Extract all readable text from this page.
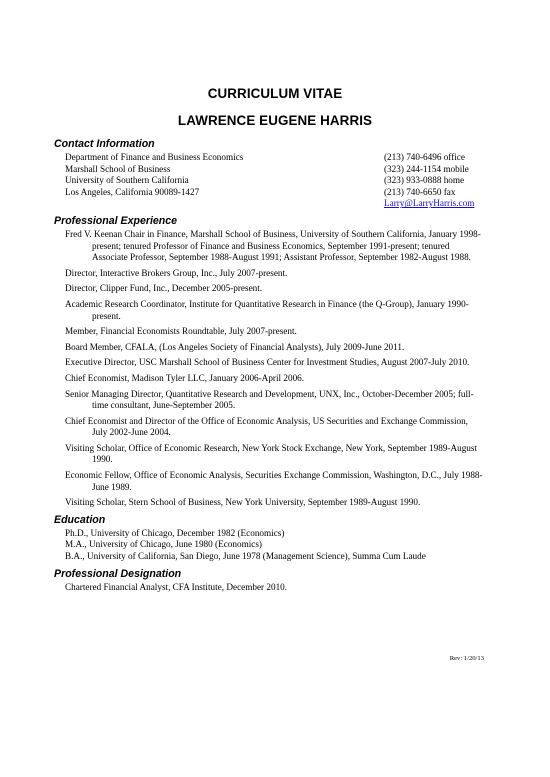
CURRICULUM VITAE
LAWRENCE EUGENE HARRIS
Contact Information
Department of Finance and Business Economics
Marshall School of Business
University of Southern California
Los Angeles, California 90089-1427
(213) 740-6496 office
(323) 244-1154 mobile
(323) 933-0888 home
(213) 740-6650 fax
Larry@LarryHarris.com
Professional Experience
Fred V. Keenan Chair in Finance, Marshall School of Business, University of Southern California, January 1998-present; tenured Professor of Finance and Business Economics, September 1991-present; tenured Associate Professor, September 1988-August 1991; Assistant Professor, September 1982-August 1988.
Director, Interactive Brokers Group, Inc., July 2007-present.
Director, Clipper Fund, Inc., December 2005-present.
Academic Research Coordinator, Institute for Quantitative Research in Finance (the Q-Group), January 1990-present.
Member, Financial Economists Roundtable, July 2007-present.
Board Member, CFALA, (Los Angeles Society of Financial Analysts), July 2009-June 2011.
Executive Director, USC Marshall School of Business Center for Investment Studies, August 2007-July 2010.
Chief Economist, Madison Tyler LLC, January 2006-April 2006.
Senior Managing Director, Quantitative Research and Development, UNX, Inc., October-December 2005; full-time consultant, June-September 2005.
Chief Economist and Director of the Office of Economic Analysis, US Securities and Exchange Commission, July 2002-June 2004.
Visiting Scholar, Office of Economic Research, New York Stock Exchange, New York, September 1989-August 1990.
Economic Fellow, Office of Economic Analysis, Securities Exchange Commission, Washington, D.C., July 1988-June 1989.
Visiting Scholar, Stern School of Business, New York University, September 1989-August 1990.
Education
Ph.D., University of Chicago, December 1982 (Economics)
M.A., University of Chicago, June 1980 (Economics)
B.A., University of California, San Diego, June 1978 (Management Science), Summa Cum Laude
Professional Designation
Chartered Financial Analyst, CFA Institute, December 2010.
Rev: 1/20/13
